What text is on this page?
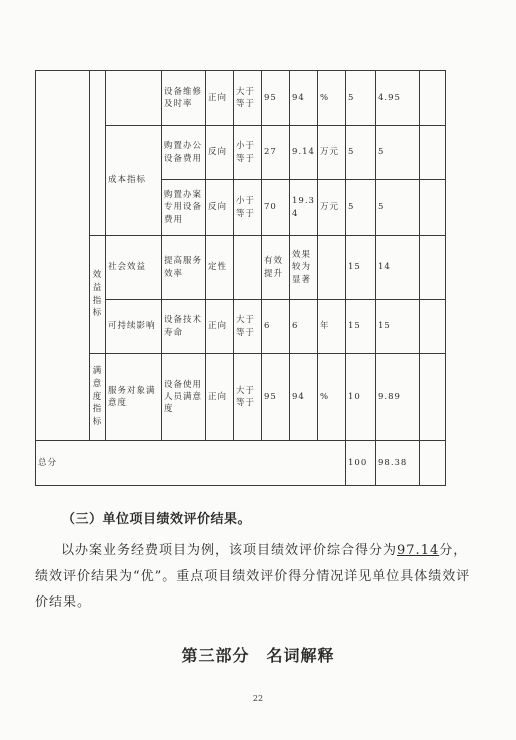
			设备维修及时率	正向	大于等于	95	94	%	5	4.95	
		成本指标	购置办公设备费用	反向	小于等于	27	9.14	万元	5	5	
			购置办案专用设备费用	反向	小于等于	70	19.34	万元	5	5	
	效益指标	社会效益	提高服务效率	定性		有效提升	效果较为显著		15	14	
		可持续影响	设备技术寿命	正向	大于等于	6	6	年	15	15	
	满意度指标	服务对象满意度	设备使用人员满意度	正向	大于等于	95	94	%	10	9.89	
总分									100	98.38	
（三）单位项目绩效评价结果。
以办案业务经费项目为例，该项目绩效评价综合得分为97.14分，绩效评价结果为“优”。重点项目绩效评价得分情况详见单位具体绩效评价结果。
第三部分　名词解释
22
